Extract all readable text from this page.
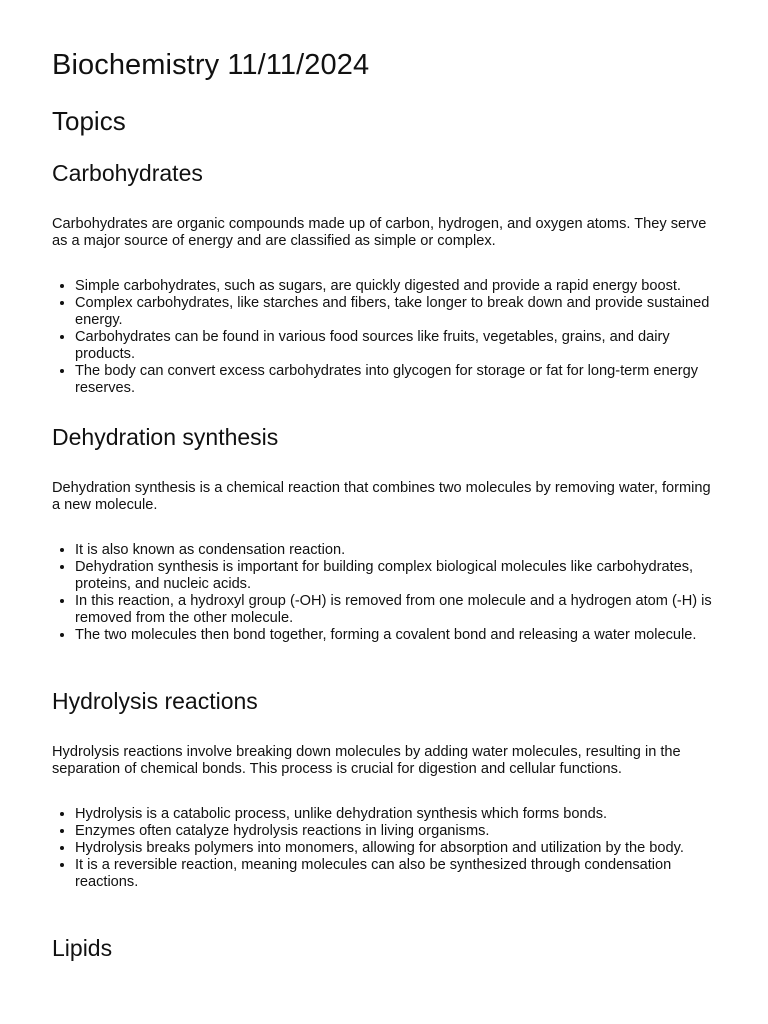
Biochemistry 11/11/2024
Topics
Carbohydrates

Carbohydrates are organic compounds made up of carbon, hydrogen, and oxygen atoms. They serve as a major source of energy and are classified as simple or complex.

• Simple carbohydrates, such as sugars, are quickly digested and provide a rapid energy boost.
• Complex carbohydrates, like starches and fibers, take longer to break down and provide sustained energy.
• Carbohydrates can be found in various food sources like fruits, vegetables, grains, and dairy products.
• The body can convert excess carbohydrates into glycogen for storage or fat for long-term energy reserves.
Dehydration synthesis

Dehydration synthesis is a chemical reaction that combines two molecules by removing water, forming a new molecule.

• It is also known as condensation reaction.
• Dehydration synthesis is important for building complex biological molecules like carbohydrates, proteins, and nucleic acids.
• In this reaction, a hydroxyl group (-OH) is removed from one molecule and a hydrogen atom (-H) is removed from the other molecule.
• The two molecules then bond together, forming a covalent bond and releasing a water molecule.
Hydrolysis reactions

Hydrolysis reactions involve breaking down molecules by adding water molecules, resulting in the separation of chemical bonds. This process is crucial for digestion and cellular functions.

• Hydrolysis is a catabolic process, unlike dehydration synthesis which forms bonds.
• Enzymes often catalyze hydrolysis reactions in living organisms.
• Hydrolysis breaks polymers into monomers, allowing for absorption and utilization by the body.
• It is a reversible reaction, meaning molecules can also be synthesized through condensation reactions.
Lipids
